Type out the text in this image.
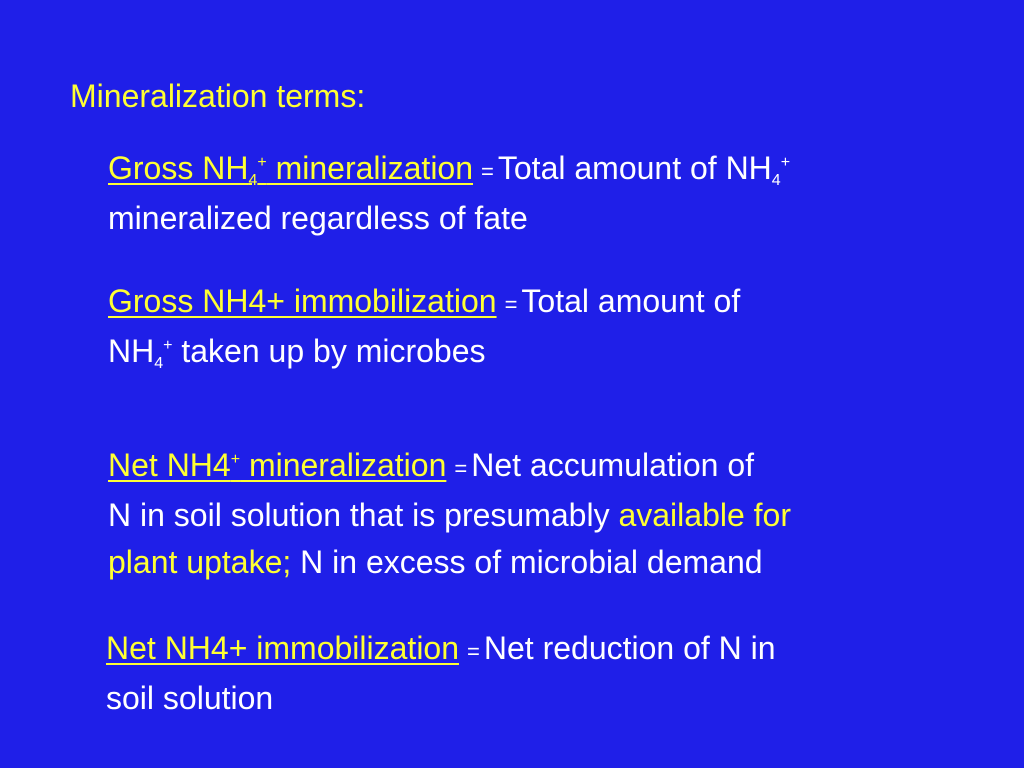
Mineralization terms:
Gross $NH_4^+$ mineralization = Total amount of $NH_4^+$
mineralized regardless of fate
Gross NH4+ immobilization = Total amount of
$NH_4^+$ taken up by microbes
Net NH4+ mineralization = Net accumulation of
N in soil solution that is presumably available for
plant uptake; N in excess of microbial demand
Net NH4+ immobilization = Net reduction of N in
soil solution
